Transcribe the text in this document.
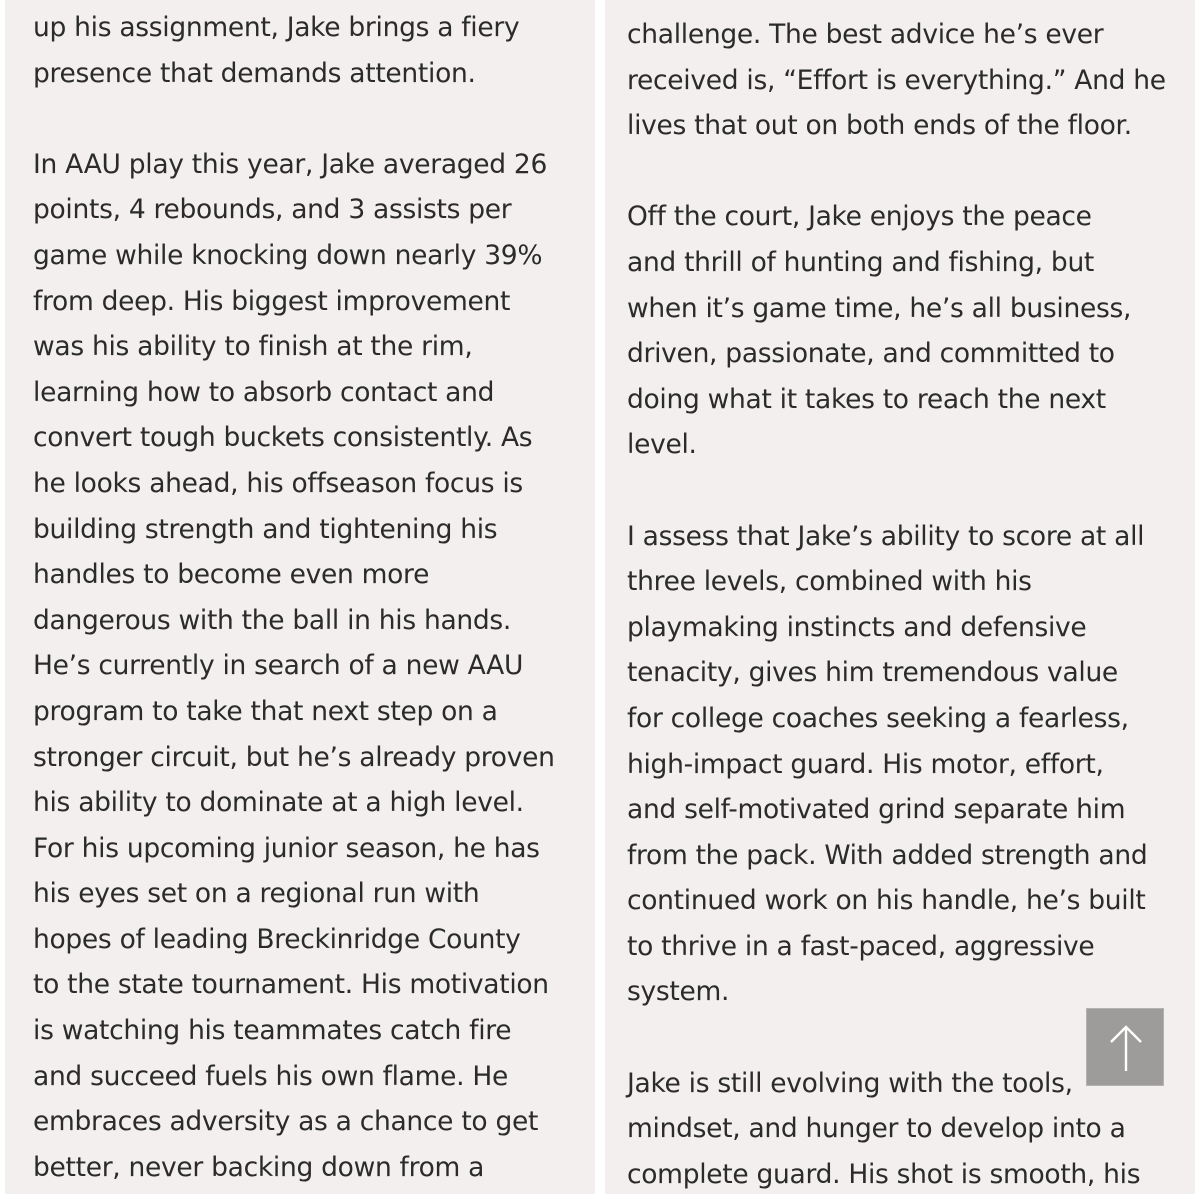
up his assignment, Jake brings a fiery
presence that demands attention.
In AAU play this year, Jake averaged 26
points, 4 rebounds, and 3 assists per
game while knocking down nearly 39%
from deep. His biggest improvement
was his ability to finish at the rim,
learning how to absorb contact and
convert tough buckets consistently. As
he looks ahead, his offseason focus is
building strength and tightening his
handles to become even more
dangerous with the ball in his hands.
He’s currently in search of a new AAU
program to take that next step on a
stronger circuit, but he’s already proven
his ability to dominate at a high level.
For his upcoming junior season, he has
his eyes set on a regional run with
hopes of leading Breckinridge County
to the state tournament. His motivation
is watching his teammates catch fire
and succeed fuels his own flame. He
embraces adversity as a chance to get
better, never backing down from a
challenge. The best advice he’s ever
received is, “Effort is everything.” And he
lives that out on both ends of the floor.
Off the court, Jake enjoys the peace
and thrill of hunting and fishing, but
when it’s game time, he’s all business,
driven, passionate, and committed to
doing what it takes to reach the next
level.
I assess that Jake’s ability to score at all
three levels, combined with his
playmaking instincts and defensive
tenacity, gives him tremendous value
for college coaches seeking a fearless,
high-impact guard. His motor, effort,
and self-motivated grind separate him
from the pack. With added strength and
continued work on his handle, he’s built
to thrive in a fast-paced, aggressive
system.
Jake is still evolving with the tools,
mindset, and hunger to develop into a
complete guard. His shot is smooth, his
